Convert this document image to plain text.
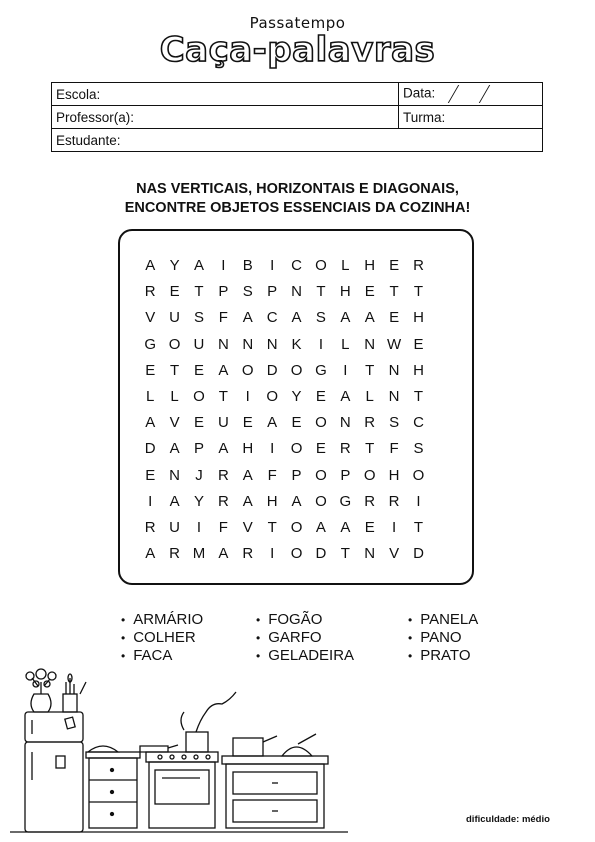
Passatempo
Caça-palavras
Escola:	Data:
Professor(a):	Turma:
Estudante:	
NAS VERTICAIS, HORIZONTAIS E DIAGONAIS,
ENCONTRE OBJETOS ESSENCIAIS DA COZINHA!
A Y A	I	B	I	C O L H E R
R E T P S P N T H E T	T
V U S F A C A S A A E H
G O U N N N K	I	L N W E
E T E A O D O G	I	T N H
L	L O T	I	O Y E A	L N T
A V E U E A E O N R S C
D A P A H	I	O E R T	F S
E N	J	R A F P O P O H O
I	A Y R A H A O G R R	I
R U	I	F V T O A A E	I	T
A R M A R	I	O D T N V D
• ARMÁRIO
• COLHER
• FACA
• FOGÃO
• GARFO
• GELADEIRA
• PANELA
• PANO
• PRATO
dificuldade: médio
